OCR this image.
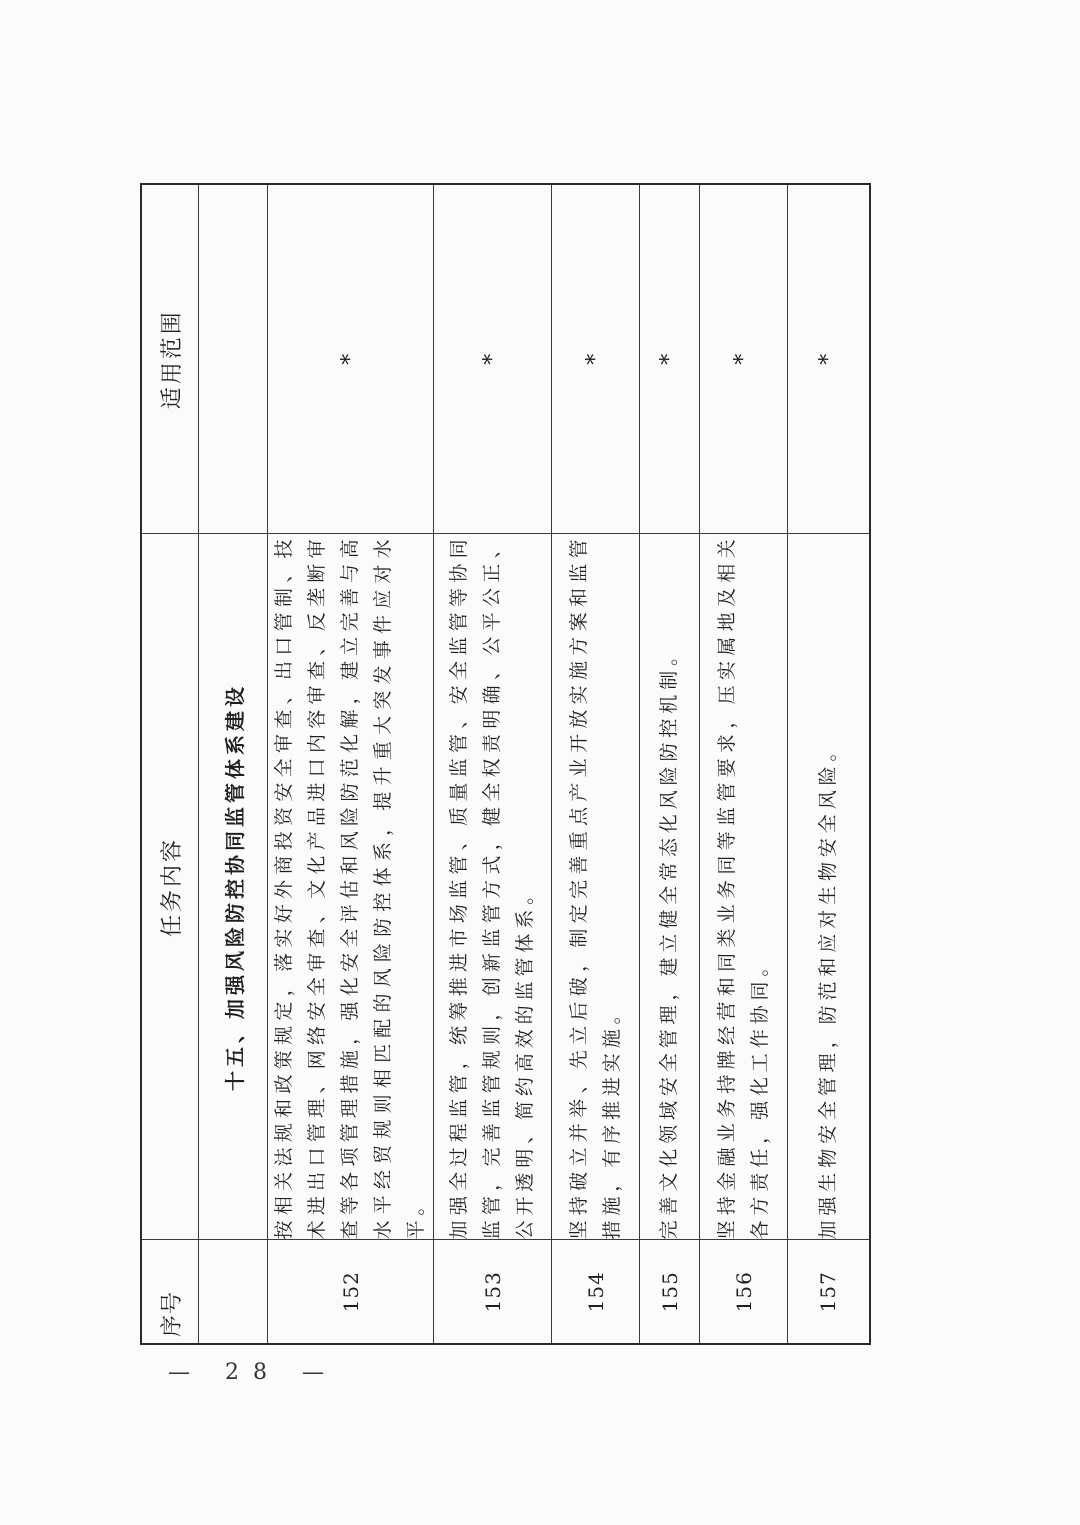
序号	任务内容	适用范围
	十五、加强风险防控协同监管体系建设	
152	按相关法规和政策规定，落实好外商投资安全审查、出口管制、技术进出口管理、网络安全审查、文化产品进口内容审查、反垄断审查等各项管理措施，强化安全评估和风险防范化解，建立完善与高水平经贸规则相匹配的风险防控体系，提升重大突发事件应对水平。	*
153	加强全过程监管，统筹推进市场监管、质量监管、安全监管等协同监管，完善监管规则，创新监管方式，健全权责明确、公平公正、公开透明、简约高效的监管体系。	*
154	坚持破立并举、先立后破，制定完善重点产业开放实施方案和监管措施，有序推进实施。	*
155	完善文化领域安全管理，建立健全常态化风险防控机制。	*
156	坚持金融业务持牌经营和同类业务同等监管要求，压实属地及相关各方责任，强化工作协同。	*
157	加强生物安全管理，防范和应对生物安全风险。	*
— 28 —
